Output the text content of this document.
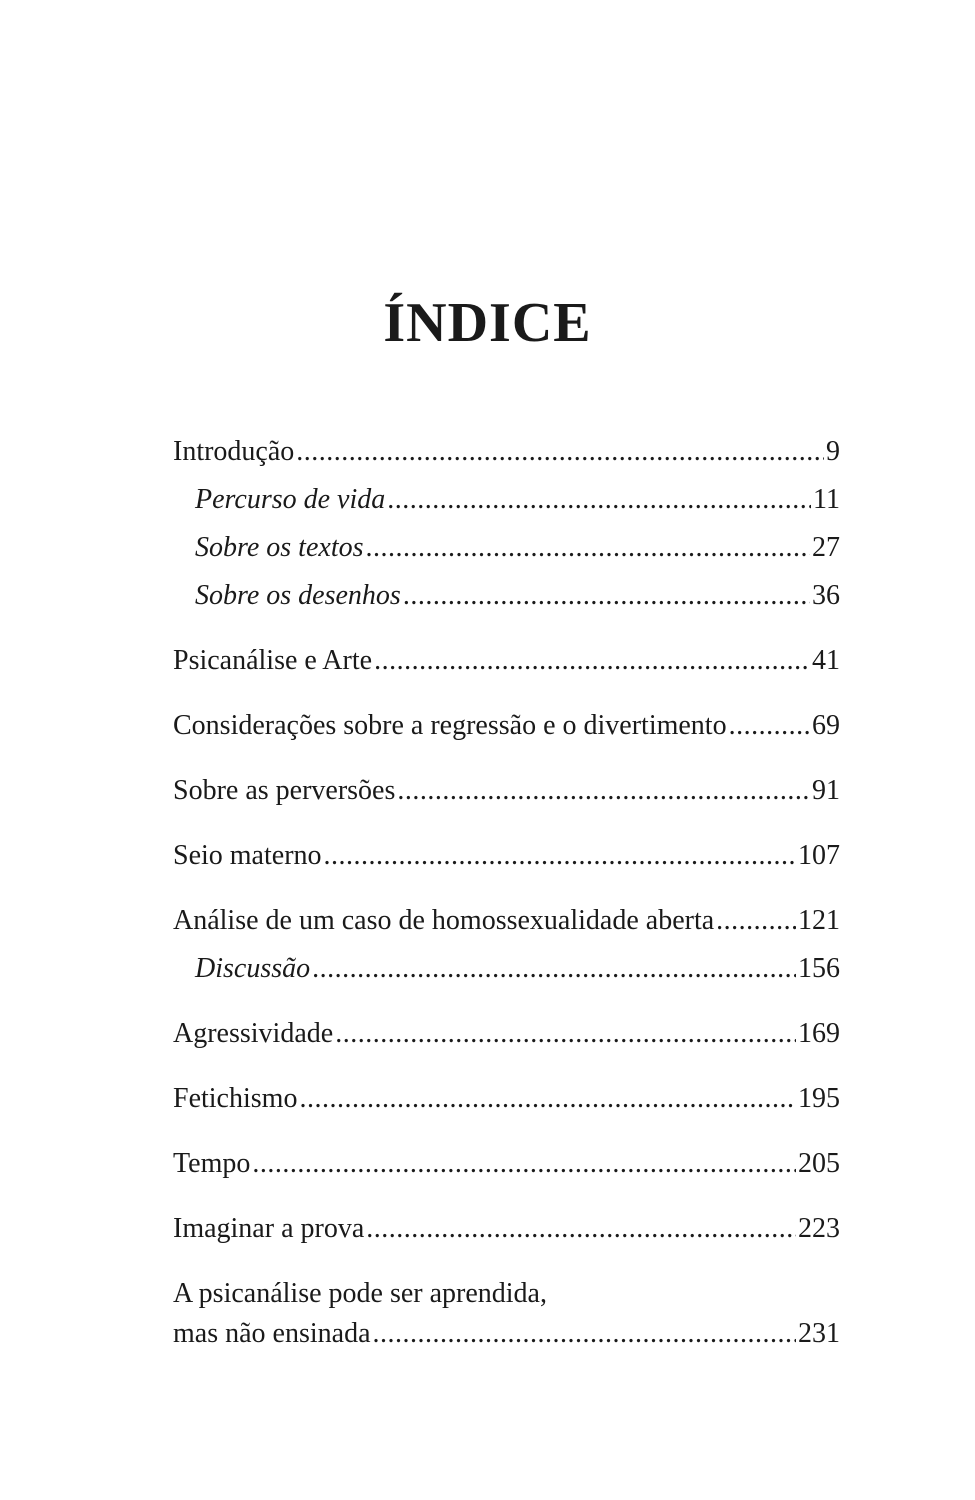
ÍNDICE
Introdução .....	9
Percurso de vida .....	11
Sobre os textos .....	27
Sobre os desenhos .....	36
Psicanálise e Arte .....	41
Considerações sobre a regressão e o divertimento .....	69
Sobre as perversões .....	91
Seio materno .....	107
Análise de um caso de homossexualidade aberta .....	121
Discussão .....	156
Agressividade .....	169
Fetichismo .....	195
Tempo .....	205
Imaginar a prova .....	223
A psicanálise pode ser aprendida,
mas não ensinada .....	231
